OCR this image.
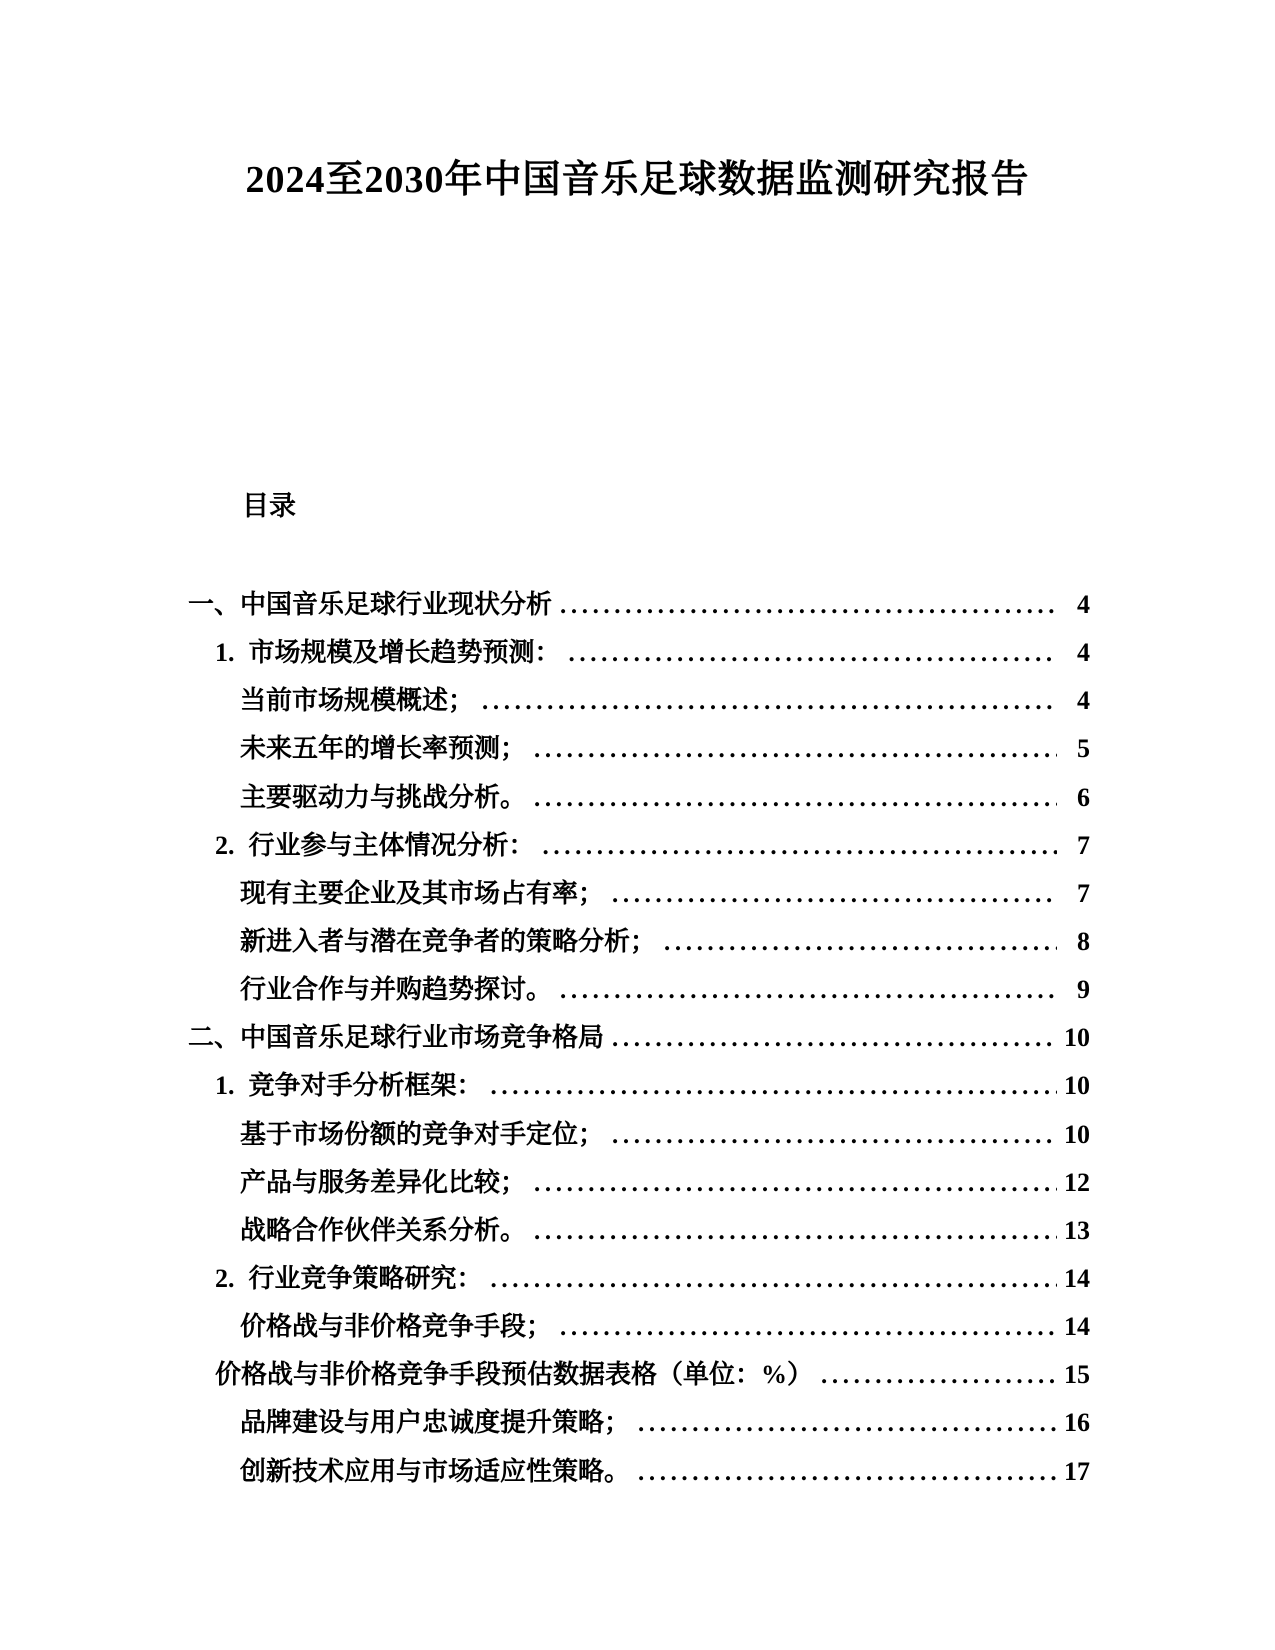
2024至2030年中国音乐足球数据监测研究报告
目录
一、中国音乐足球行业现状分析 .....	4
1. 市场规模及增长趋势预测： .....	4
当前市场规模概述； .....	4
未来五年的增长率预测； .....	5
主要驱动力与挑战分析。 .....	6
2. 行业参与主体情况分析： .....	7
现有主要企业及其市场占有率； .....	7
新进入者与潜在竞争者的策略分析； .....	8
行业合作与并购趋势探讨。 .....	9
二、中国音乐足球行业市场竞争格局 .....	10
1. 竞争对手分析框架： .....	10
基于市场份额的竞争对手定位； .....	10
产品与服务差异化比较； .....	12
战略合作伙伴关系分析。 .....	13
2. 行业竞争策略研究： .....	14
价格战与非价格竞争手段； .....	14
价格战与非价格竞争手段预估数据表格（单位：%） .....	15
品牌建设与用户忠诚度提升策略； .....	16
创新技术应用与市场适应性策略。 .....	17
